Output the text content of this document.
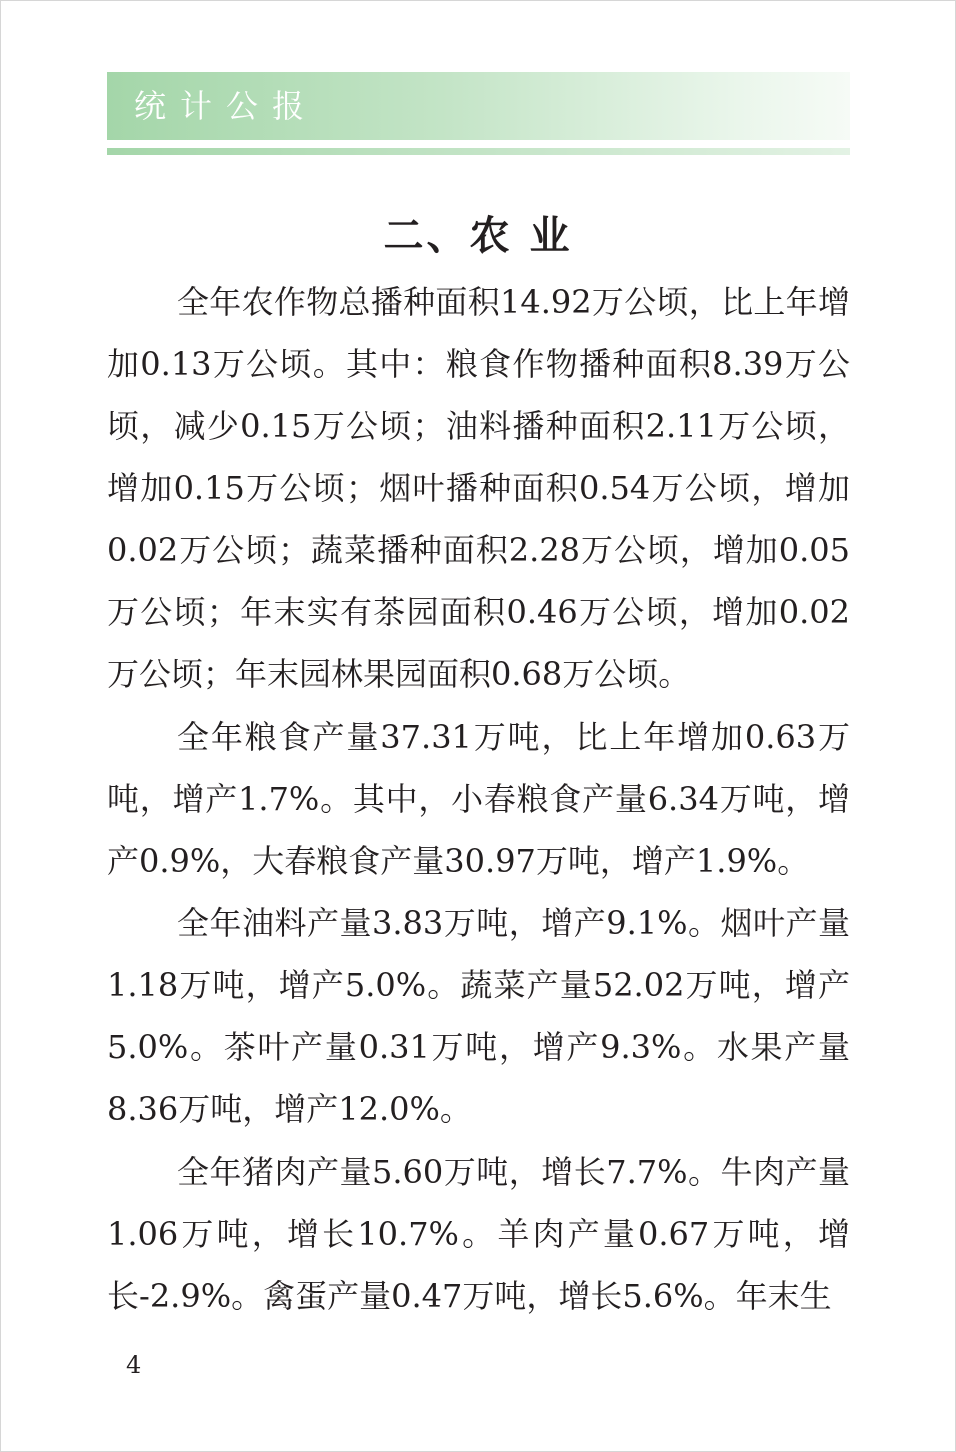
统计公报
二、农 业

全年农作物总播种面积14.92万公顷，比上年增加0.13万公顷。其中：粮食作物播种面积8.39万公顷，减少0.15万公顷；油料播种面积2.11万公顷，增加0.15万公顷；烟叶播种面积0.54万公顷，增加0.02万公顷；蔬菜播种面积2.28万公顷，增加0.05万公顷；年末实有茶园面积0.46万公顷，增加0.02万公顷；年末园林果园面积0.68万公顷。

全年粮食产量37.31万吨，比上年增加0.63万吨，增产1.7%。其中，小春粮食产量6.34万吨，增产0.9%，大春粮食产量30.97万吨，增产1.9%。

全年油料产量3.83万吨，增产9.1%。烟叶产量1.18万吨，增产5.0%。蔬菜产量52.02万吨，增产5.0%。茶叶产量0.31万吨，增产9.3%。水果产量8.36万吨，增产12.0%。

全年猪肉产量5.60万吨，增长7.7%。牛肉产量1.06万吨，增长10.7%。羊肉产量0.67万吨，增长-2.9%。禽蛋产量0.47万吨，增长5.6%。年末生

4
